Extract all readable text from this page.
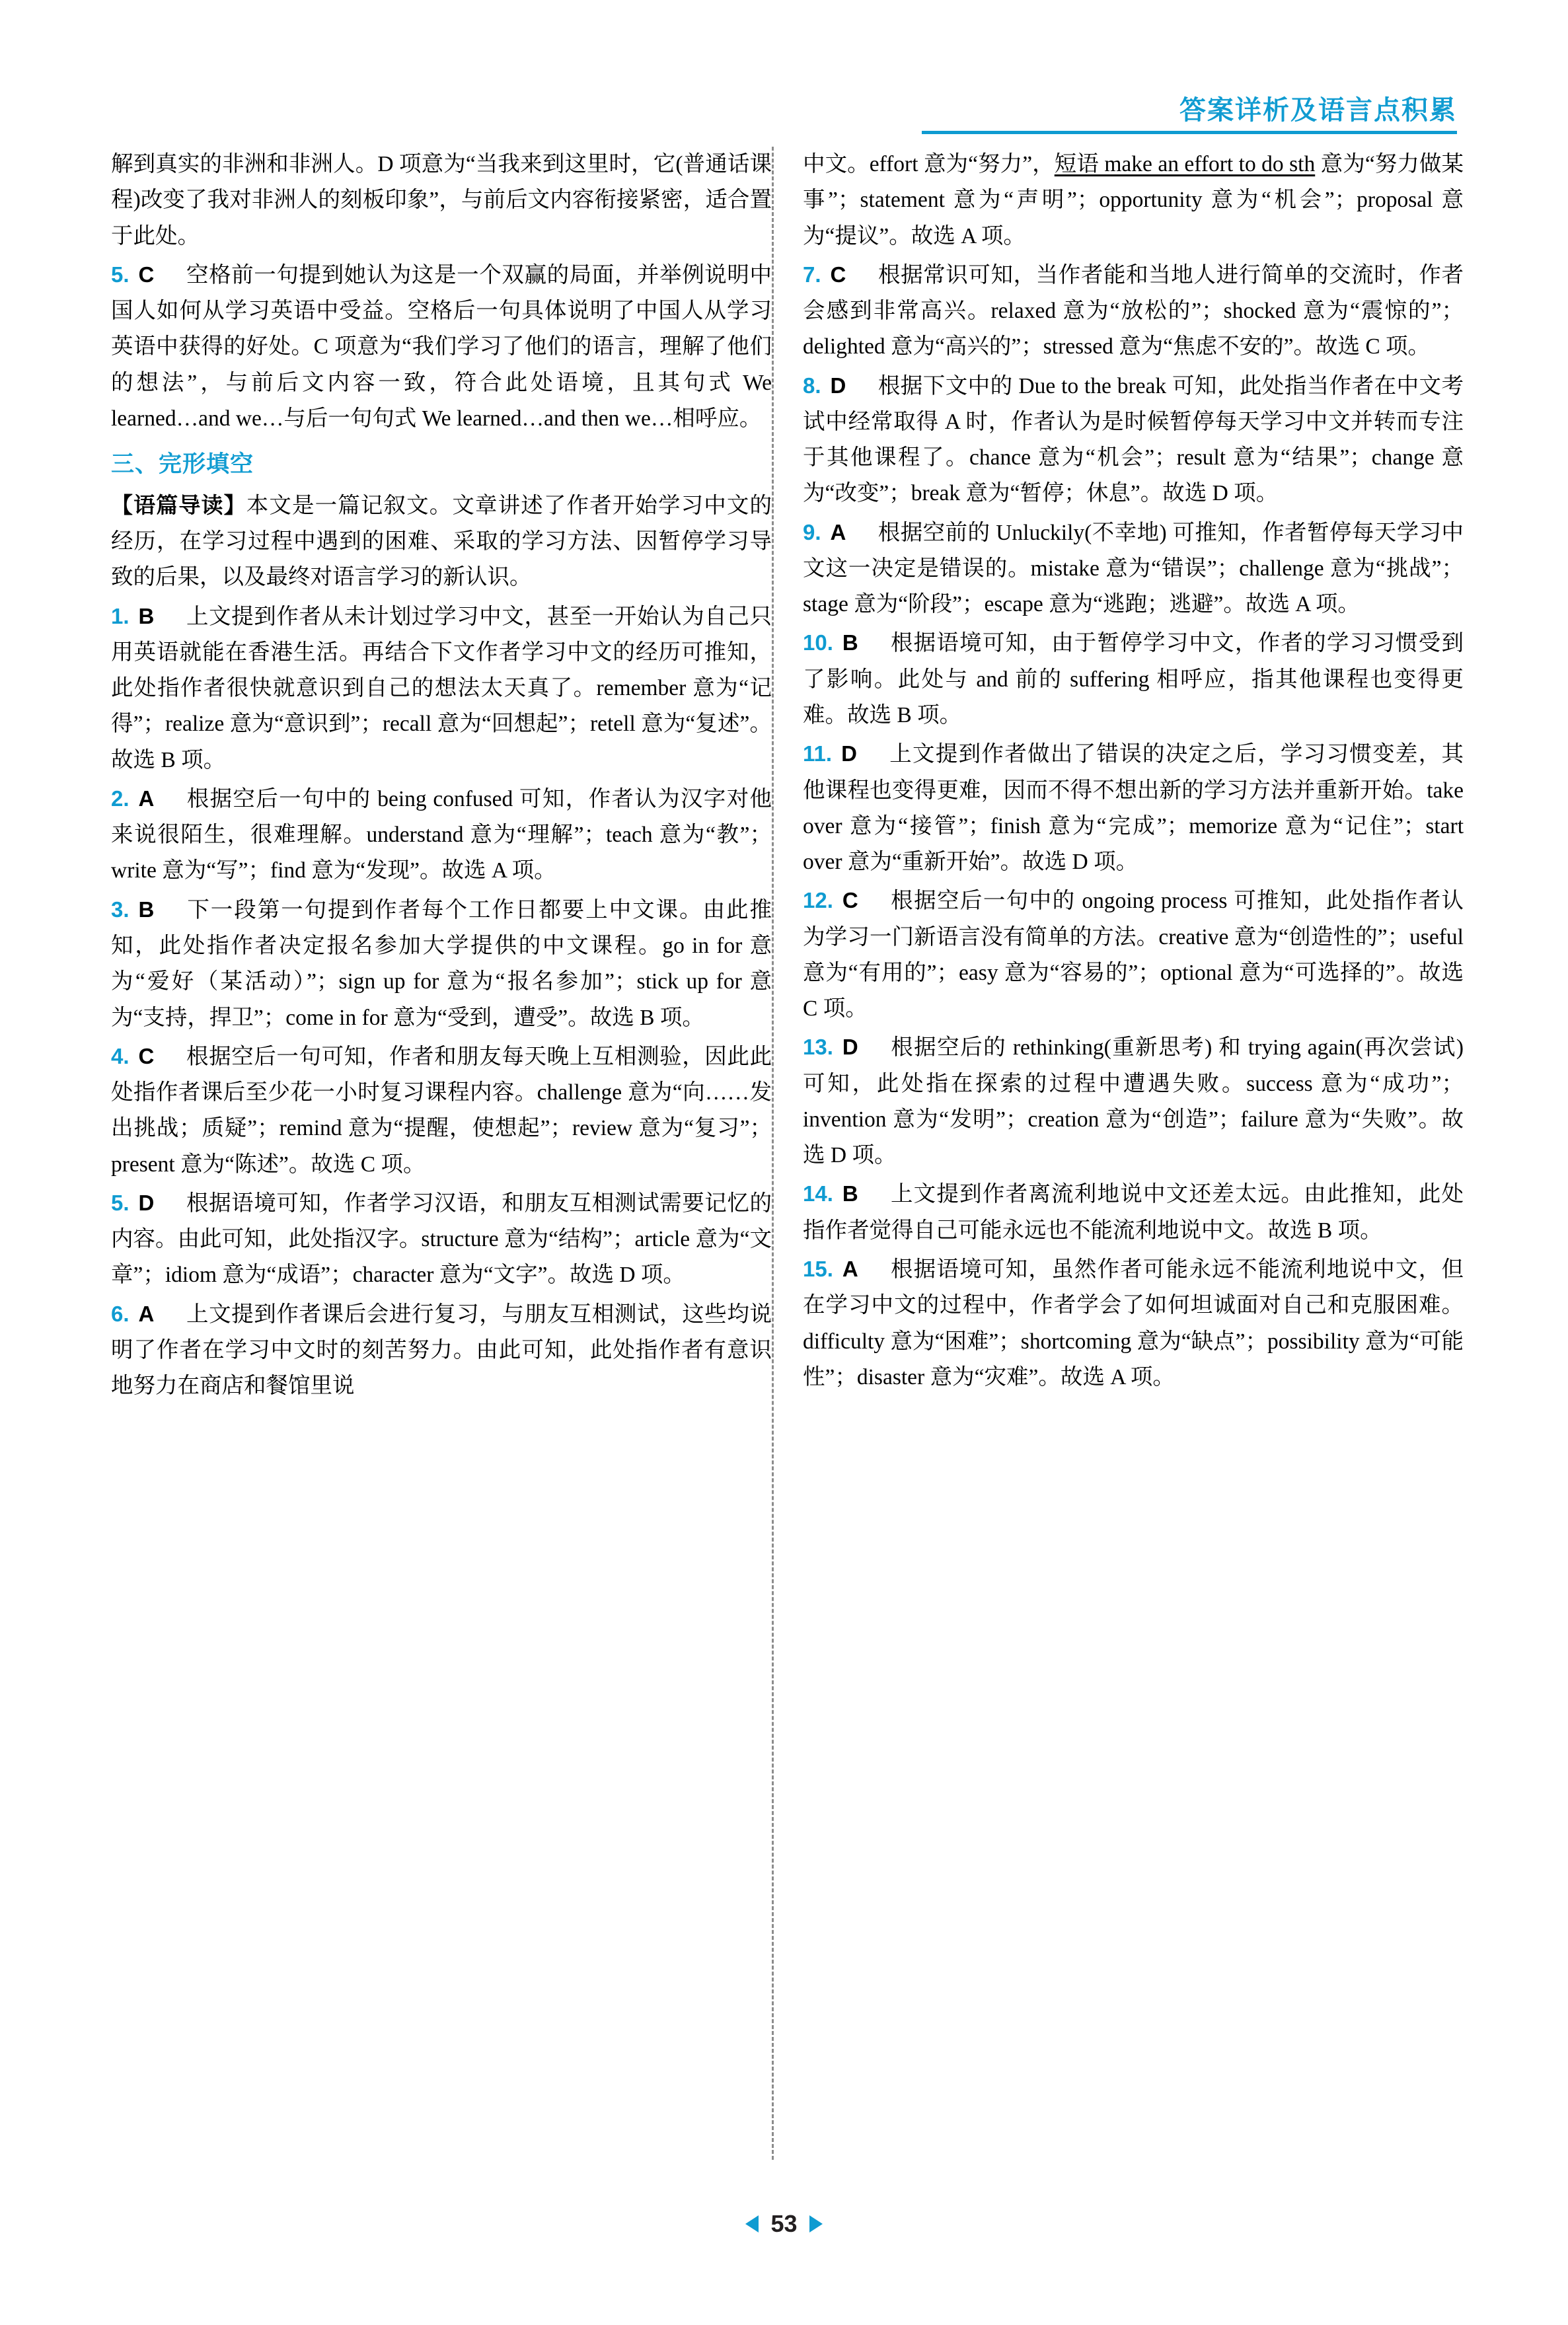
答案详析及语言点积累

解到真实的非洲和非洲人。D 项意为“当我来到这里时，它(普通话课程)改变了我对非洲人的刻板印象”，与前后文内容衔接紧密，适合置于此处。

5. C 空格前一句提到她认为这是一个双赢的局面，并举例说明中国人如何从学习英语中受益。空格后一句具体说明了中国人从学习英语中获得的好处。C 项意为“我们学习了他们的语言，理解了他们的想法”，与前后文内容一致，符合此处语境，且其句式 We learned…and we…与后一句句式 We learned…and then we…相呼应。

三、完形填空

【语篇导读】本文是一篇记叙文。文章讲述了作者开始学习中文的经历，在学习过程中遇到的困难、采取的学习方法、因暂停学习导致的后果，以及最终对语言学习的新认识。

1. B 上文提到作者从未计划过学习中文，甚至一开始认为自己只用英语就能在香港生活。再结合下文作者学习中文的经历可推知，此处指作者很快就意识到自己的想法太天真了。remember 意为“记得”；realize 意为“意识到”；recall 意为“回想起”；retell 意为“复述”。故选 B 项。

2. A 根据空后一句中的 being confused 可知，作者认为汉字对他来说很陌生，很难理解。understand 意为“理解”；teach 意为“教”；write 意为“写”；find 意为“发现”。故选 A 项。

3. B 下一段第一句提到作者每个工作日都要上中文课。由此推知，此处指作者决定报名参加大学提供的中文课程。go in for 意为“爱好（某活动）”；sign up for 意为“报名参加”；stick up for 意为“支持，捍卫”；come in for 意为“受到，遭受”。故选 B 项。

4. C 根据空后一句可知，作者和朋友每天晚上互相测验，因此此处指作者课后至少花一小时复习课程内容。challenge 意为“向……发出挑战；质疑”；remind 意为“提醒，使想起”；review 意为“复习”；present 意为“陈述”。故选 C 项。

5. D 根据语境可知，作者学习汉语，和朋友互相测试需要记忆的内容。由此可知，此处指汉字。structure 意为“结构”；article 意为“文章”；idiom 意为“成语”；character 意为“文字”。故选 D 项。

6. A 上文提到作者课后会进行复习，与朋友互相测试，这些均说明了作者在学习中文时的刻苦努力。由此可知，此处指作者有意识地努力在商店和餐馆里说

中文。effort 意为“努力”，短语 make an effort to do sth 意为“努力做某事”；statement 意为“声明”；opportunity 意为“机会”；proposal 意为“提议”。故选 A 项。

7. C 根据常识可知，当作者能和当地人进行简单的交流时，作者会感到非常高兴。relaxed 意为“放松的”；shocked 意为“震惊的”；delighted 意为“高兴的”；stressed 意为“焦虑不安的”。故选 C 项。

8. D 根据下文中的 Due to the break 可知，此处指当作者在中文考试中经常取得 A 时，作者认为是时候暂停每天学习中文并转而专注于其他课程了。chance 意为“机会”；result 意为“结果”；change 意为“改变”；break 意为“暂停；休息”。故选 D 项。

9. A 根据空前的 Unluckily(不幸地) 可推知，作者暂停每天学习中文这一决定是错误的。mistake 意为“错误”；challenge 意为“挑战”；stage 意为“阶段”；escape 意为“逃跑；逃避”。故选 A 项。

10. B 根据语境可知，由于暂停学习中文，作者的学习习惯受到了影响。此处与 and 前的 suffering 相呼应，指其他课程也变得更难。故选 B 项。

11. D 上文提到作者做出了错误的决定之后，学习习惯变差，其他课程也变得更难，因而不得不想出新的学习方法并重新开始。take over 意为“接管”；finish 意为“完成”；memorize 意为“记住”；start over 意为“重新开始”。故选 D 项。

12. C 根据空后一句中的 ongoing process 可推知，此处指作者认为学习一门新语言没有简单的方法。creative 意为“创造性的”；useful 意为“有用的”；easy 意为“容易的”；optional 意为“可选择的”。故选 C 项。

13. D 根据空后的 rethinking(重新思考) 和 trying again(再次尝试) 可知，此处指在探索的过程中遭遇失败。success 意为“成功”；invention 意为“发明”；creation 意为“创造”；failure 意为“失败”。故选 D 项。

14. B 上文提到作者离流利地说中文还差太远。由此推知，此处指作者觉得自己可能永远也不能流利地说中文。故选 B 项。

15. A 根据语境可知，虽然作者可能永远不能流利地说中文，但在学习中文的过程中，作者学会了如何坦诚面对自己和克服困难。difficulty 意为“困难”；shortcoming 意为“缺点”；possibility 意为“可能性”；disaster 意为“灾难”。故选 A 项。

53
